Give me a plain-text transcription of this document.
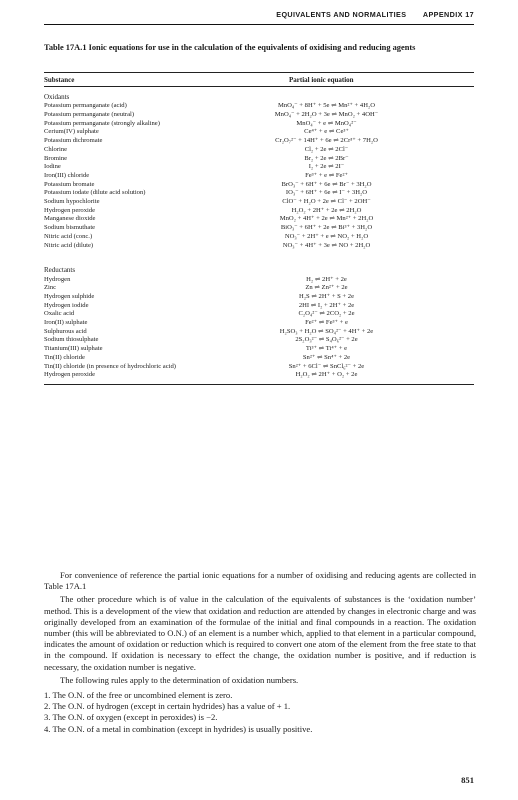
EQUIVALENTS AND NORMALITIES APPENDIX 17
Table 17A.1 Ionic equations for use in the calculation of the equivalents of oxidising and reducing agents
Substance	Partial ionic equation
Oxidants
Potassium permanganate (acid)	MnO₄⁻ + 8H⁺ + 5e ⇌ Mn²⁺ + 4H₂O
Potassium permanganate (neutral)	MnO₄⁻ + 2H₂O + 3e ⇌ MnO₂ + 4OH⁻
Potassium permanganate (strongly alkaline)	MnO₄⁻ + e ⇌ MnO₄²⁻
Cerium(IV) sulphate	Ce⁴⁺ + e ⇌ Ce³⁺
Potassium dichromate	Cr₂O₇²⁻ + 14H⁺ + 6e ⇌ 2Cr³⁺ + 7H₂O
Chlorine	Cl₂ + 2e ⇌ 2Cl⁻
Bromine	Br₂ + 2e ⇌ 2Br⁻
Iodine	I₂ + 2e ⇌ 2I⁻
Iron(III) chloride	Fe³⁺ + e ⇌ Fe²⁺
Potassium bromate	BrO₃⁻ + 6H⁺ + 6e ⇌ Br⁻ + 3H₂O
Potassium iodate (dilute acid solution)	IO₃⁻ + 6H⁺ + 6e ⇌ I⁻ + 3H₂O
Sodium hypochlorite	ClO⁻ + H₂O + 2e ⇌ Cl⁻ + 2OH⁻
Hydrogen peroxide	H₂O₂ + 2H⁺ + 2e ⇌ 2H₂O
Manganese dioxide	MnO₂ + 4H⁺ + 2e ⇌ Mn²⁺ + 2H₂O
Sodium bismuthate	BiO₃⁻ + 6H⁺ + 2e ⇌ Bi³⁺ + 3H₂O
Nitric acid (conc.)	NO₃⁻ + 2H⁺ + e ⇌ NO₂ + H₂O
Nitric acid (dilute)	NO₃⁻ + 4H⁺ + 3e ⇌ NO + 2H₂O
Reductants
Hydrogen	H₂ ⇌ 2H⁺ + 2e
Zinc	Zn ⇌ Zn²⁺ + 2e
Hydrogen sulphide	H₂S ⇌ 2H⁺ + S + 2e
Hydrogen iodide	2HI ⇌ I₂ + 2H⁺ + 2e
Oxalic acid	C₂O₄²⁻ ⇌ 2CO₂ + 2e
Iron(II) sulphate	Fe²⁺ ⇌ Fe³⁺ + e
Sulphurous acid	H₂SO₃ + H₂O ⇌ SO₄²⁻ + 4H⁺ + 2e
Sodium thiosulphate	2S₂O₃²⁻ ⇌ S₄O₆²⁻ + 2e
Titanium(III) sulphate	Ti³⁺ ⇌ Ti⁴⁺ + e
Tin(II) chloride	Sn²⁺ ⇌ Sn⁴⁺ + 2e
Tin(II) chloride (in presence of hydrochloric acid)	Sn²⁺ + 6Cl⁻ ⇌ SnCl₆²⁻ + 2e
Hydrogen peroxide	H₂O₂ ⇌ 2H⁺ + O₂ + 2e

For convenience of reference the partial ionic equations for a number of oxidising and reducing agents are collected in Table 17A.1

The other procedure which is of value in the calculation of the equivalents of substances is the ‘oxidation number’ method. This is a development of the view that oxidation and reduction are attended by changes in electronic charge and was originally developed from an examination of the formulae of the initial and final compounds in a reaction. The oxidation number (this will be abbreviated to O.N.) of an element is a number which, applied to that element in a particular compound, indicates the amount of oxidation or reduction which is required to convert one atom of the element from the free state to that in the compound. If oxidation is necessary to effect the change, the oxidation number is positive, and if reduction is necessary, the oxidation number is negative.

The following rules apply to the determination of oxidation numbers.

1. The O.N. of the free or uncombined element is zero.
2. The O.N. of hydrogen (except in certain hydrides) has a value of + 1.
3. The O.N. of oxygen (except in peroxides) is −2.
4. The O.N. of a metal in combination (except in hydrides) is usually positive.
851
